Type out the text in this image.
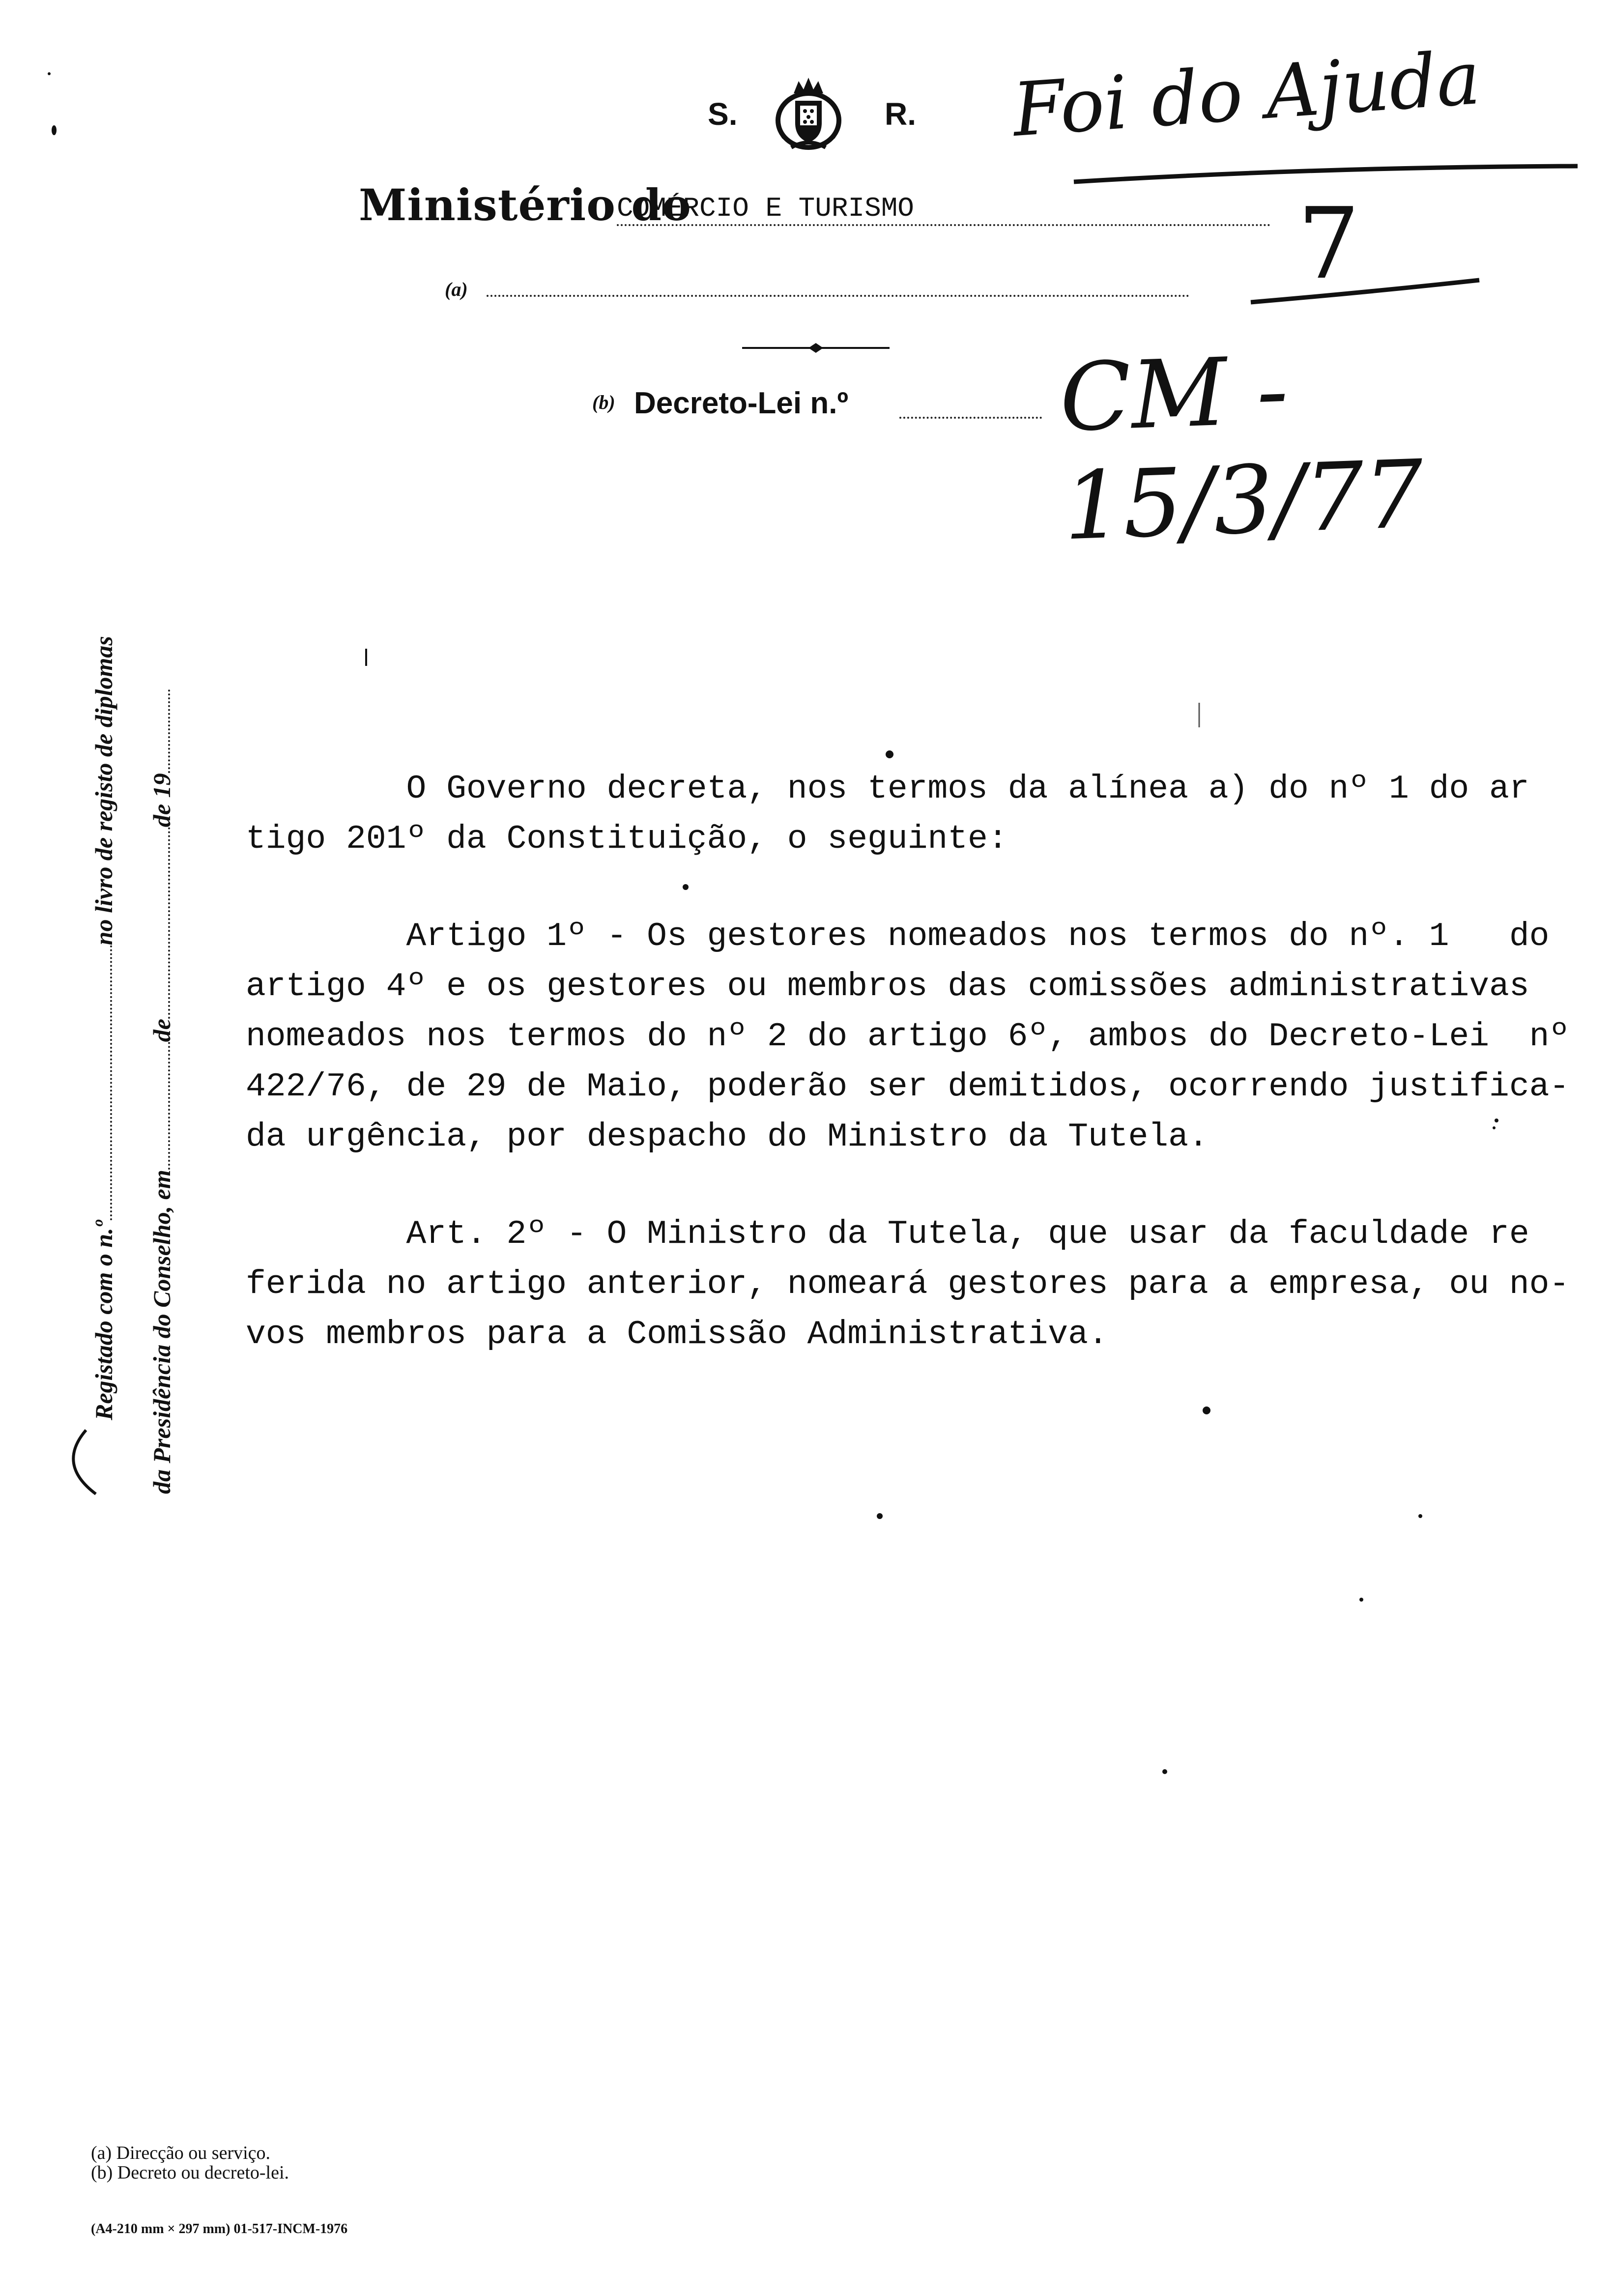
S.	R. Foi do Ajuda
Ministério do
COMÉRCIO E TURISMO	7
(a)
(b) Decreto-Lei n.º CM - 15/3/77
Registado com o n.ºno livro de registo de diplomas
da Presidência do Conselho, emdede 19 O Governo decreta, nos termos da alínea a) do nº 1 do ar
tigo 201º da Constituição, o seguinte:
Artigo 1º - Os gestores nomeados nos termos do nº. 1   do
artigo 4º e os gestores ou membros das comissões administrativas
nomeados nos termos do nº 2 do artigo 6º, ambos do Decreto-Lei  nº
422/76, de 29 de Maio, poderão ser demitidos, ocorrendo justifica-
da urgência, por despacho do Ministro da Tutela.
Art. 2º - O Ministro da Tutela, que usar da faculdade re
ferida no artigo anterior, nomeará gestores para a empresa, ou no-
vos membros para a Comissão Administrativa.
(a) Direcção ou serviço.
(b) Decreto ou decreto-lei.
(A4-210 mm × 297 mm) 01-517-INCM-1976
